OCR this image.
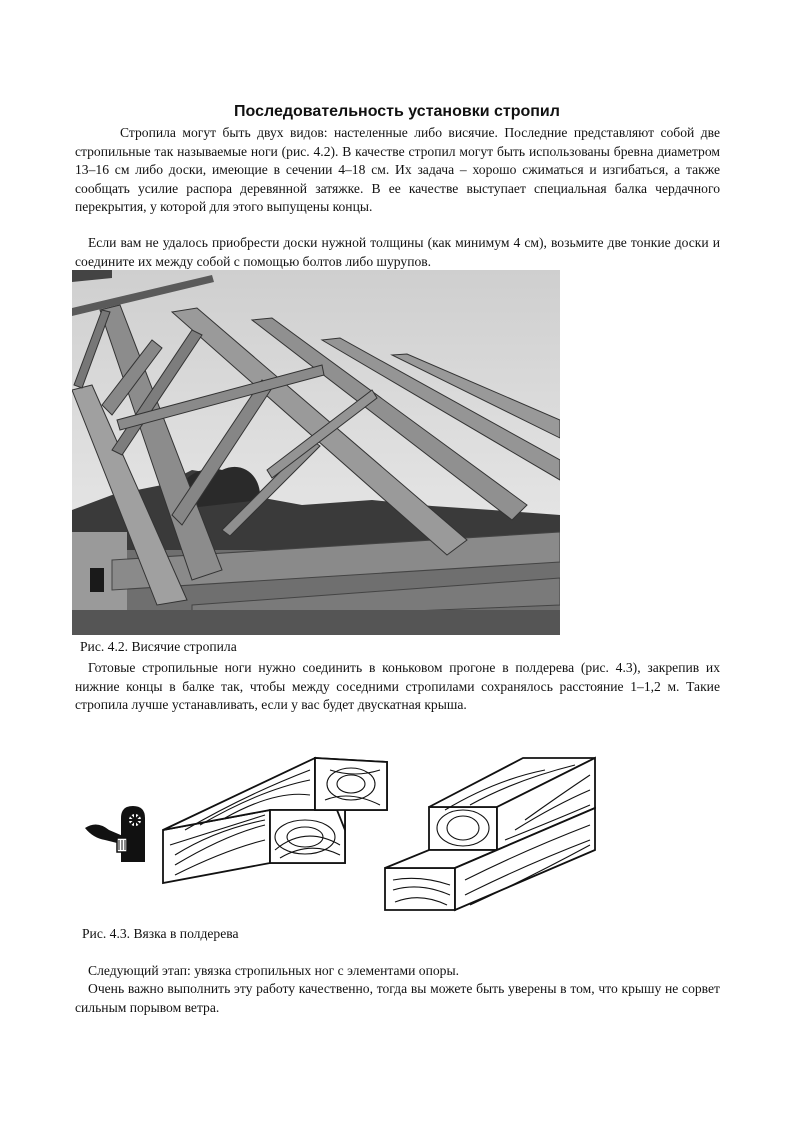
Последовательность установки стропил

Стропила могут быть двух видов: настеленные либо висячие. Последние представляют собой две стропильные так называемые ноги (рис. 4.2). В качестве стропил могут быть использованы бревна диаметром 13–16 см либо доски, имеющие в сечении 4–18 см. Их задача – хорошо сжиматься и изгибаться, а также сообщать усилие распора деревянной затяжке. В ее качестве выступает специальная балка чердачного перекрытия, у которой для этого выпущены концы.

Если вам не удалось приобрести доски нужной толщины (как минимум 4 см), возьмите две тонкие доски и соедините их между собой с помощью болтов либо шурупов.

Рис. 4.2. Висячие стропила

Готовые стропильные ноги нужно соединить в коньковом прогоне в полдерева (рис. 4.3), закрепив их нижние концы в балке так, чтобы между соседними стропилами сохранялось расстояние 1–1,2 м. Такие стропила лучше устанавливать, если у вас будет двускатная крыша.

Рис. 4.3. Вязка в полдерева

Следующий этап: увязка стропильных ног с элементами опоры.

Очень важно выполнить эту работу качественно, тогда вы можете быть уверены в том, что крышу не сорвет сильным порывом ветра.
